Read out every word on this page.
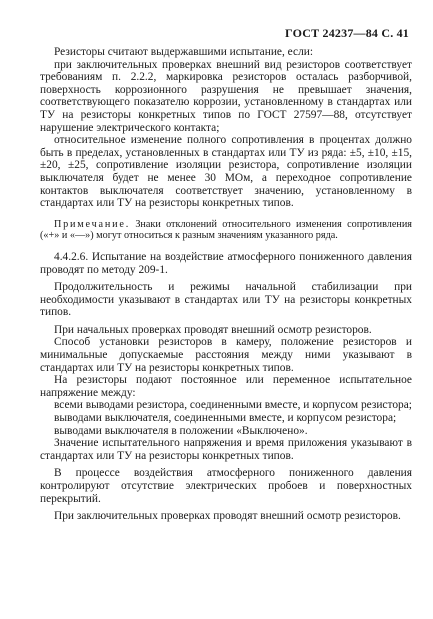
ГОСТ 24237—84 С. 41

Резисторы считают выдержавшими испытание, если:

при заключительных проверках внешний вид резисторов соответствует требованиям п. 2.2.2, маркировка резисторов осталась разборчивой, поверхность коррозионного разрушения не превышает значения, соответствующего показателю коррозии, установленному в стандартах или ТУ на резисторы конкретных типов по ГОСТ 27597—88, отсутствует нарушение электрического контакта;

относительное изменение полного сопротивления в процентах должно быть в пределах, установленных в стандартах или ТУ из ряда: ±5, ±10, ±15, ±20, ±25, сопротивление изоляции резистора, сопротивление изоляции выключателя будет не менее 30 МОм, а переходное сопротивление контактов выключателя соответствует значению, установленному в стандартах или ТУ на резисторы конкретных типов.

Примечание. Знаки отклонений относительного изменения сопротивления («+» и «—») могут относиться к разным значениям указанного ряда.

4.4.2.6. Испытание на воздействие атмосферного пониженного давления проводят по методу 209-1.

Продолжительность и режимы начальной стабилизации при необходимости указывают в стандартах или ТУ на резисторы конкретных типов.

При начальных проверках проводят внешний осмотр резисторов.

Способ установки резисторов в камеру, положение резисторов и минимальные допускаемые расстояния между ними указывают в стандартах или ТУ на резисторы конкретных типов.

На резисторы подают постоянное или переменное испытательное напряжение между:

всеми выводами резистора, соединенными вместе, и корпусом резистора;

выводами выключателя, соединенными вместе, и корпусом резистора;

выводами выключателя в положении «Выключено».

Значение испытательного напряжения и время приложения указывают в стандартах или ТУ на резисторы конкретных типов.

В процессе воздействия атмосферного пониженного давления контролируют отсутствие электрических пробоев и поверхностных перекрытий.

При заключительных проверках проводят внешний осмотр резисторов.
